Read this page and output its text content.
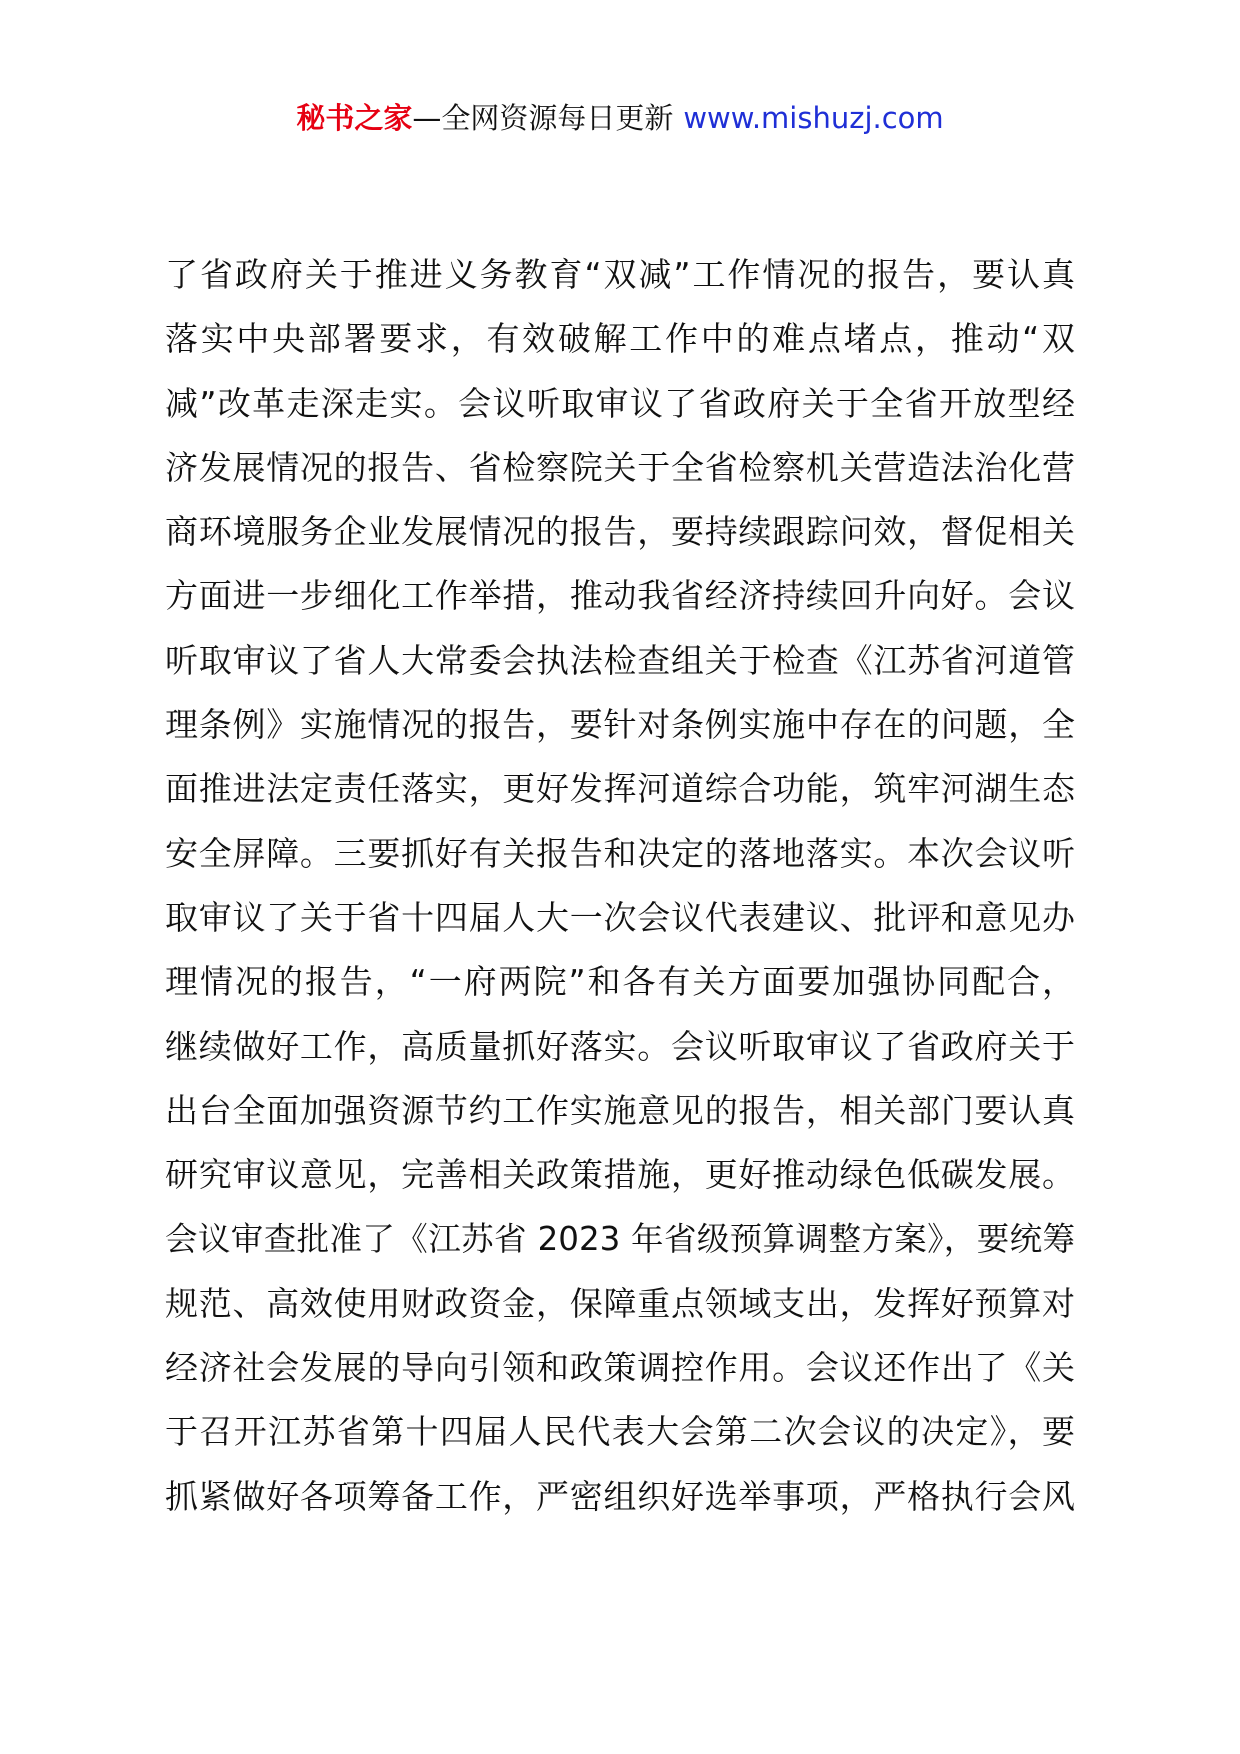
秘书之家—全网资源每日更新 www.mishuzj.com
了省政府关于推进义务教育“双减”工作情况的报告，要认真
落实中央部署要求，有效破解工作中的难点堵点，推动“双
减”改革走深走实。会议听取审议了省政府关于全省开放型经
济发展情况的报告、省检察院关于全省检察机关营造法治化营
商环境服务企业发展情况的报告，要持续跟踪问效，督促相关
方面进一步细化工作举措，推动我省经济持续回升向好。会议
听取审议了省人大常委会执法检查组关于检查《江苏省河道管
理条例》实施情况的报告，要针对条例实施中存在的问题，全
面推进法定责任落实，更好发挥河道综合功能，筑牢河湖生态
安全屏障。三要抓好有关报告和决定的落地落实。本次会议听
取审议了关于省十四届人大一次会议代表建议、批评和意见办
理情况的报告，“一府两院”和各有关方面要加强协同配合，
继续做好工作，高质量抓好落实。会议听取审议了省政府关于
出台全面加强资源节约工作实施意见的报告，相关部门要认真
研究审议意见，完善相关政策措施，更好推动绿色低碳发展。
会议审查批准了《江苏省 2023 年省级预算调整方案》，要统筹
规范、高效使用财政资金，保障重点领域支出，发挥好预算对
经济社会发展的导向引领和政策调控作用。会议还作出了《关
于召开江苏省第十四届人民代表大会第二次会议的决定》，要
抓紧做好各项筹备工作，严密组织好选举事项，严格执行会风
